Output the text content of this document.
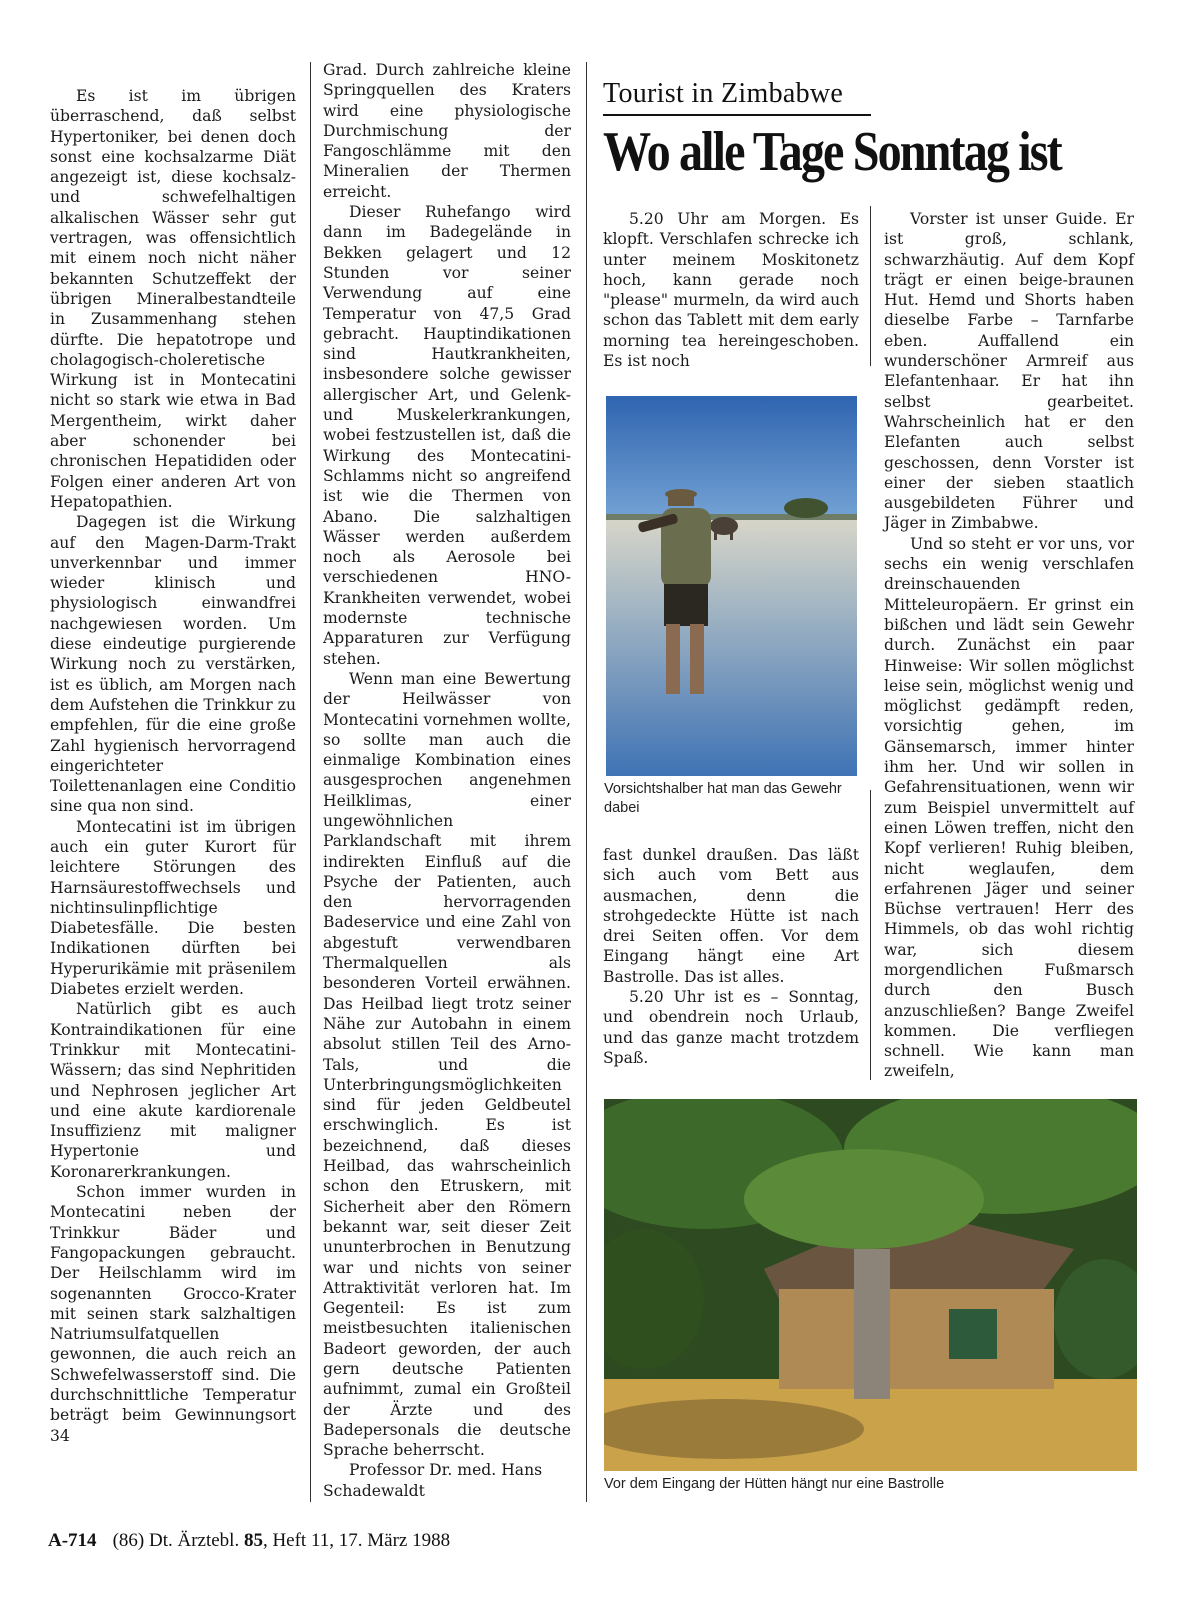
Es ist im übrigen überraschend, daß selbst Hypertoniker, bei denen doch sonst eine kochsalzarme Diät angezeigt ist, diese kochsalz- und schwefelhaltigen alkalischen Wässer sehr gut vertragen, was offensichtlich mit einem noch nicht näher bekannten Schutzeffekt der übrigen Mineralbestandteile in Zusammenhang stehen dürfte. Die hepatotrope und cholagogisch-choleretische Wirkung ist in Montecatini nicht so stark wie etwa in Bad Mergentheim, wirkt daher aber schonender bei chronischen Hepatididen oder Folgen einer anderen Art von Hepatopathien.

Dagegen ist die Wirkung auf den Magen-Darm-Trakt unverkennbar und immer wieder klinisch und physiologisch einwandfrei nachgewiesen worden. Um diese eindeutige purgierende Wirkung noch zu verstärken, ist es üblich, am Morgen nach dem Aufstehen die Trinkkur zu empfehlen, für die eine große Zahl hygienisch hervorragend eingerichteter Toilettenanlagen eine Conditio sine qua non sind.

Montecatini ist im übrigen auch ein guter Kurort für leichtere Störungen des Harnsäurestoffwechsels und nichtinsulinpflichtige Diabetesfälle. Die besten Indikationen dürften bei Hyperurikämie mit präsenilem Diabetes erzielt werden.

Natürlich gibt es auch Kontraindikationen für eine Trinkkur mit Montecatini-Wässern; das sind Nephritiden und Nephrosen jeglicher Art und eine akute kardiorenale Insuffizienz mit maligner Hypertonie und Koronarerkrankungen.

Schon immer wurden in Montecatini neben der Trinkkur Bäder und Fangopackungen gebraucht. Der Heilschlamm wird im sogenannten Grocco-Krater mit seinen stark salzhaltigen Natriumsulfatquellen gewonnen, die auch reich an Schwefelwasserstoff sind. Die durchschnittliche Temperatur beträgt beim Gewinnungsort 34

Grad. Durch zahlreiche kleine Springquellen des Kraters wird eine physiologische Durchmischung der Fangoschlämme mit den Mineralien der Thermen erreicht.

Dieser Ruhefango wird dann im Badegelände in Bekken gelagert und 12 Stunden vor seiner Verwendung auf eine Temperatur von 47,5 Grad gebracht. Hauptindikationen sind Hautkrankheiten, insbesondere solche gewisser allergischer Art, und Gelenk- und Muskelerkrankungen, wobei festzustellen ist, daß die Wirkung des Montecatini-Schlamms nicht so angreifend ist wie die Thermen von Abano. Die salzhaltigen Wässer werden außerdem noch als Aerosole bei verschiedenen HNO-Krankheiten verwendet, wobei modernste technische Apparaturen zur Verfügung stehen.

Wenn man eine Bewertung der Heilwässer von Montecatini vornehmen wollte, so sollte man auch die einmalige Kombination eines ausgesprochen angenehmen Heilklimas, einer ungewöhnlichen Parklandschaft mit ihrem indirekten Einfluß auf die Psyche der Patienten, auch den hervorragenden Badeservice und eine Zahl von abgestuft verwendbaren Thermalquellen als besonderen Vorteil erwähnen. Das Heilbad liegt trotz seiner Nähe zur Autobahn in einem absolut stillen Teil des Arno-Tals, und die Unterbringungsmöglichkeiten sind für jeden Geldbeutel erschwinglich. Es ist bezeichnend, daß dieses Heilbad, das wahrscheinlich schon den Etruskern, mit Sicherheit aber den Römern bekannt war, seit dieser Zeit ununterbrochen in Benutzung war und nichts von seiner Attraktivität verloren hat. Im Gegenteil: Es ist zum meistbesuchten italienischen Badeort geworden, der auch gern deutsche Patienten aufnimmt, zumal ein Großteil der Ärzte und des Badepersonals die deutsche Sprache beherrscht.

Professor Dr. med. Hans Schadewaldt

Tourist in Zimbabwe
Wo alle Tage Sonntag ist

5.20 Uhr am Morgen. Es klopft. Verschlafen schrecke ich unter meinem Moskitonetz hoch, kann gerade noch "please" murmeln, da wird auch schon das Tablett mit dem early morning tea hereingeschoben. Es ist noch

Vorsichtshalber hat man das Gewehr dabei

fast dunkel draußen. Das läßt sich auch vom Bett aus ausmachen, denn die strohgedeckte Hütte ist nach drei Seiten offen. Vor dem Eingang hängt eine Art Bastrolle. Das ist alles.

5.20 Uhr ist es – Sonntag, und obendrein noch Urlaub, und das ganze macht trotzdem Spaß.

Vorster ist unser Guide. Er ist groß, schlank, schwarzhäutig. Auf dem Kopf trägt er einen beige-braunen Hut. Hemd und Shorts haben dieselbe Farbe – Tarnfarbe eben. Auffallend ein wunderschöner Armreif aus Elefantenhaar. Er hat ihn selbst gearbeitet. Wahrscheinlich hat er den Elefanten auch selbst geschossen, denn Vorster ist einer der sieben staatlich ausgebildeten Führer und Jäger in Zimbabwe.

Und so steht er vor uns, vor sechs ein wenig verschlafen dreinschauenden Mitteleuropäern. Er grinst ein bißchen und lädt sein Gewehr durch. Zunächst ein paar Hinweise: Wir sollen möglichst leise sein, möglichst wenig und möglichst gedämpft reden, vorsichtig gehen, im Gänsemarsch, immer hinter ihm her. Und wir sollen in Gefahrensituationen, wenn wir zum Beispiel unvermittelt auf einen Löwen treffen, nicht den Kopf verlieren! Ruhig bleiben, nicht weglaufen, dem erfahrenen Jäger und seiner Büchse vertrauen! Herr des Himmels, ob das wohl richtig war, sich diesem morgendlichen Fußmarsch durch den Busch anzuschließen? Bange Zweifel kommen. Die verfliegen schnell. Wie kann man zweifeln,

Vor dem Eingang der Hütten hängt nur eine Bastrolle
A-714 (86) Dt. Ärztebl. 85, Heft 11, 17. März 1988
